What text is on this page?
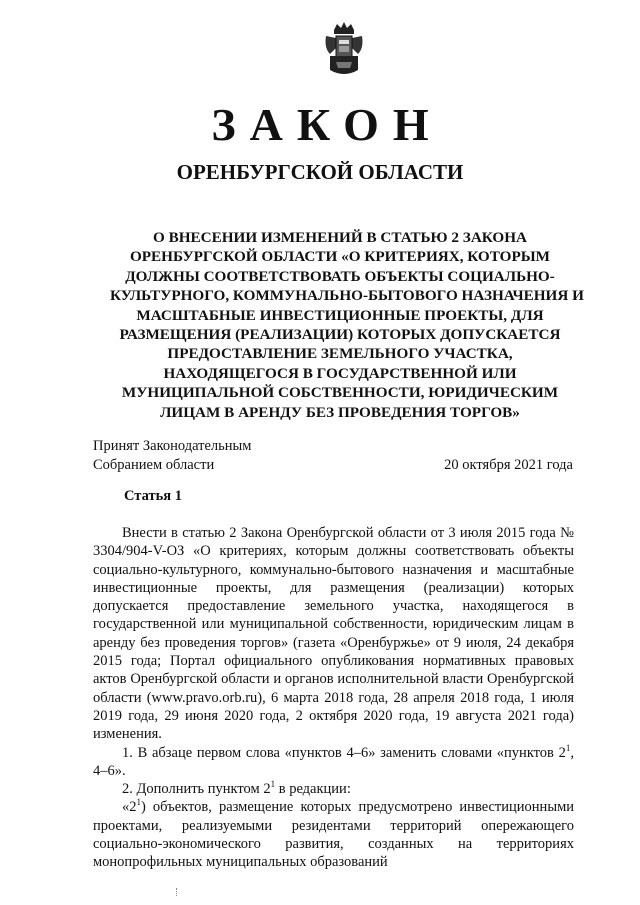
ЗАКОН
ОРЕНБУРГСКОЙ ОБЛАСТИ
О ВНЕСЕНИИ ИЗМЕНЕНИЙ В СТАТЬЮ 2 ЗАКОНА
ОРЕНБУРГСКОЙ ОБЛАСТИ «О КРИТЕРИЯХ, КОТОРЫМ
ДОЛЖНЫ СООТВЕТСТВОВАТЬ ОБЪЕКТЫ СОЦИАЛЬНО-
КУЛЬТУРНОГО, КОММУНАЛЬНО-БЫТОВОГО НАЗНАЧЕНИЯ И
МАСШТАБНЫЕ ИНВЕСТИЦИОННЫЕ ПРОЕКТЫ, ДЛЯ
РАЗМЕЩЕНИЯ (РЕАЛИЗАЦИИ) КОТОРЫХ ДОПУСКАЕТСЯ
ПРЕДОСТАВЛЕНИЕ ЗЕМЕЛЬНОГО УЧАСТКА,
НАХОДЯЩЕГОСЯ В ГОСУДАРСТВЕННОЙ ИЛИ
МУНИЦИПАЛЬНОЙ СОБСТВЕННОСТИ, ЮРИДИЧЕСКИМ
ЛИЦАМ В АРЕНДУ БЕЗ ПРОВЕДЕНИЯ ТОРГОВ»
Принят Законодательным
Собранием области	20 октября 2021 года
Статья 1

Внести в статью 2 Закона Оренбургской области от 3 июля 2015 года № 3304/904-V-ОЗ «О критериях, которым должны соответствовать объекты социально-культурного, коммунально-бытового назначения и масштабные инвестиционные проекты, для размещения (реализации) которых допускается предоставление земельного участка, находящегося в государственной или муниципальной собственности, юридическим лицам в аренду без проведения торгов» (газета «Оренбуржье» от 9 июля, 24 декабря 2015 года; Портал официального опубликования нормативных правовых актов Оренбургской области и органов исполнительной власти Оренбургской области (www.pravo.orb.ru), 6 марта 2018 года, 28 апреля 2018 года, 1 июля 2019 года, 29 июня 2020 года, 2 октября 2020 года, 19 августа 2021 года) изменения.

1. В абзаце первом слова «пунктов 4–6» заменить словами «пунктов $2^1$, 4–6».

2. Дополнить пунктом $2^1$ в редакции:

«$2^1$) объектов, размещение которых предусмотрено инвестиционными проектами, реализуемыми резидентами территорий опережающего социально-экономического развития, созданных на территориях монопрофильных муниципальных образований
